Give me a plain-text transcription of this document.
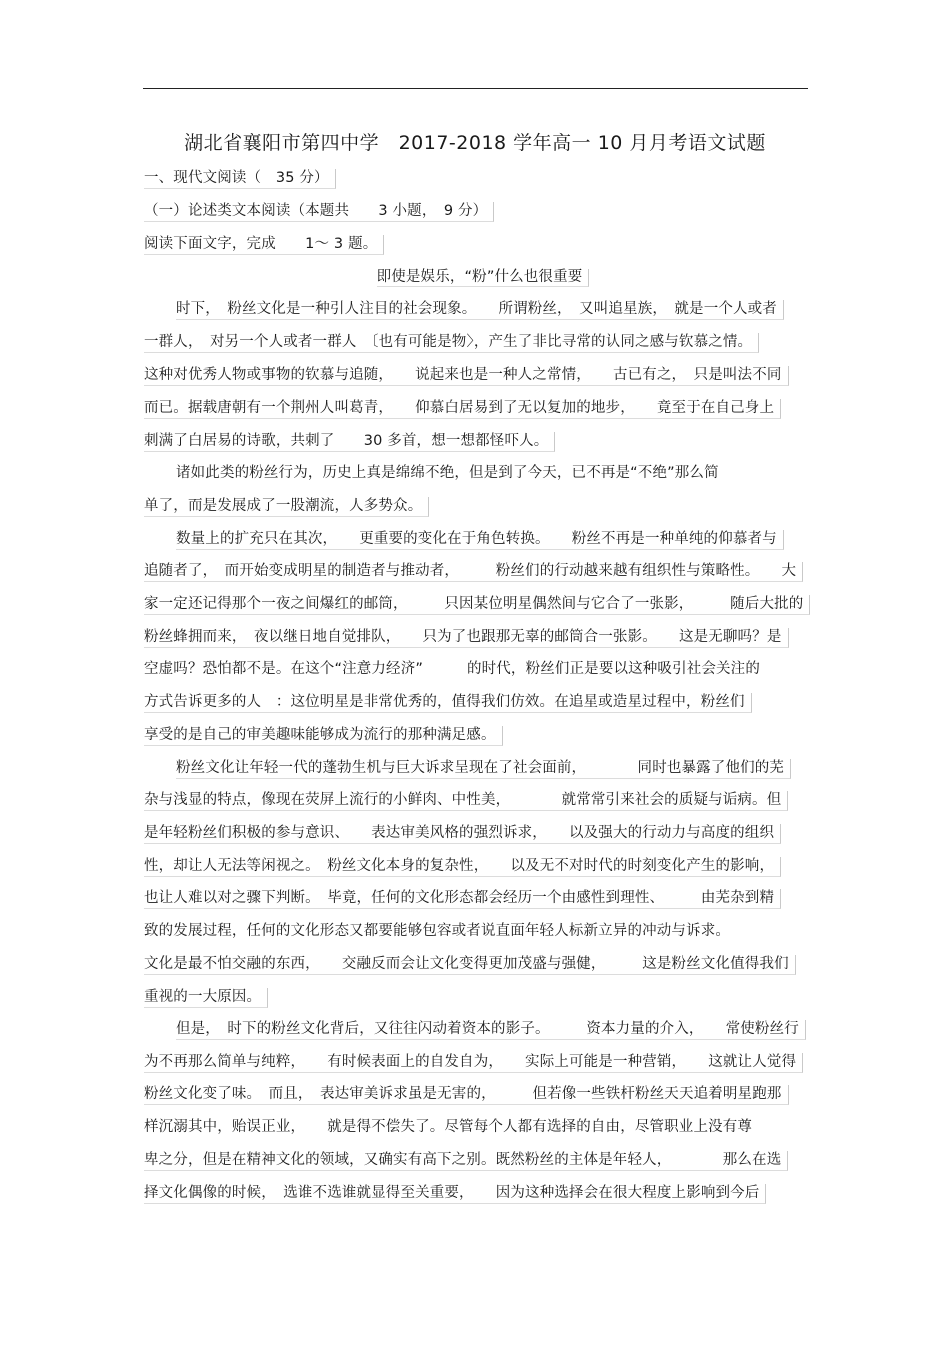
湖北省襄阳市第四中学　2017-2018 学年高一 10 月月考语文试题
一、现代文阅读（　35 分）
（一）论述类文本阅读（本题共　　3 小题，　9 分）
阅读下面文字，完成　　1～ 3 题。
即使是娱乐，“粉”什么也很重要
时下，　粉丝文化是一种引人注目的社会现象。　　所谓粉丝，　又叫追星族，　就是一个人或者
一群人，　对另一个人或者一群人　〔也有可能是物〉，产生了非比寻常的认同之感与钦慕之情。
这种对优秀人物或事物的钦慕与追随，　　说起来也是一种人之常情，　　古已有之，　只是叫法不同
而已。据载唐朝有一个荆州人叫葛青，　　仰慕白居易到了无以复加的地步，　　竟至于在自己身上
刺满了白居易的诗歌，共刺了　　30 多首，想一想都怪吓人。
诸如此类的粉丝行为，历史上真是绵绵不绝，但是到了今天，已不再是“不绝”那么简
单了，而是发展成了一股潮流，人多势众。
数量上的扩充只在其次，　　更重要的变化在于角色转换。　　粉丝不再是一种单纯的仰慕者与
追随者了，　而开始变成明星的制造者与推动者，　　　粉丝们的行动越来越有组织性与策略性。　　大
家一定还记得那个一夜之间爆红的邮筒，　　　只因某位明星偶然间与它合了一张影，　　　随后大批的
粉丝蜂拥而来，　夜以继日地自觉排队，　　只为了也跟那无辜的邮筒合一张影。　　这是无聊吗？是
空虚吗？恐怕都不是。在这个“注意力经济”　　　的时代，粉丝们正是要以这种吸引社会关注的
方式告诉更多的人　：这位明星是非常优秀的，值得我们仿效。在追星或造星过程中，粉丝们
享受的是自己的审美趣味能够成为流行的那种满足感。
粉丝文化让年轻一代的蓬勃生机与巨大诉求呈现在了社会面前，　　　　同时也暴露了他们的芜
杂与浅显的特点，像现在荧屏上流行的小鲜肉、中性美，　　　　就常常引来社会的质疑与诟病。但
是年轻粉丝们积极的参与意识、　　表达审美风格的强烈诉求，　　以及强大的行动力与高度的组织
性，却让人无法等闲视之。　粉丝文化本身的复杂性，　　以及无不对时代的时刻变化产生的影响，
也让人难以对之骤下判断。　毕竟，任何的文化形态都会经历一个由感性到理性、　　　由芜杂到精
致的发展过程，任何的文化形态又都要能够包容或者说直面年轻人标新立异的冲动与诉求。
文化是最不怕交融的东西，　　交融反而会让文化变得更加茂盛与强健，　　　这是粉丝文化值得我们
重视的一大原因。
但是，　时下的粉丝文化背后，又往往闪动着资本的影子。　　　资本力量的介入，　　常使粉丝行
为不再那么简单与纯粹，　　有时候表面上的自发自为，　　实际上可能是一种营销，　　这就让人觉得
粉丝文化变了味。　而且，　表达审美诉求虽是无害的，　　　但若像一些铁杆粉丝天天追着明星跑那
样沉溺其中，贻误正业，　　就是得不偿失了。尽管每个人都有选择的自由，尽管职业上没有尊
卑之分，但是在精神文化的领域，又确实有高下之别。既然粉丝的主体是年轻人，　　　　那么在选
择文化偶像的时候，　选谁不选谁就显得至关重要，　　因为这种选择会在很大程度上影响到今后
